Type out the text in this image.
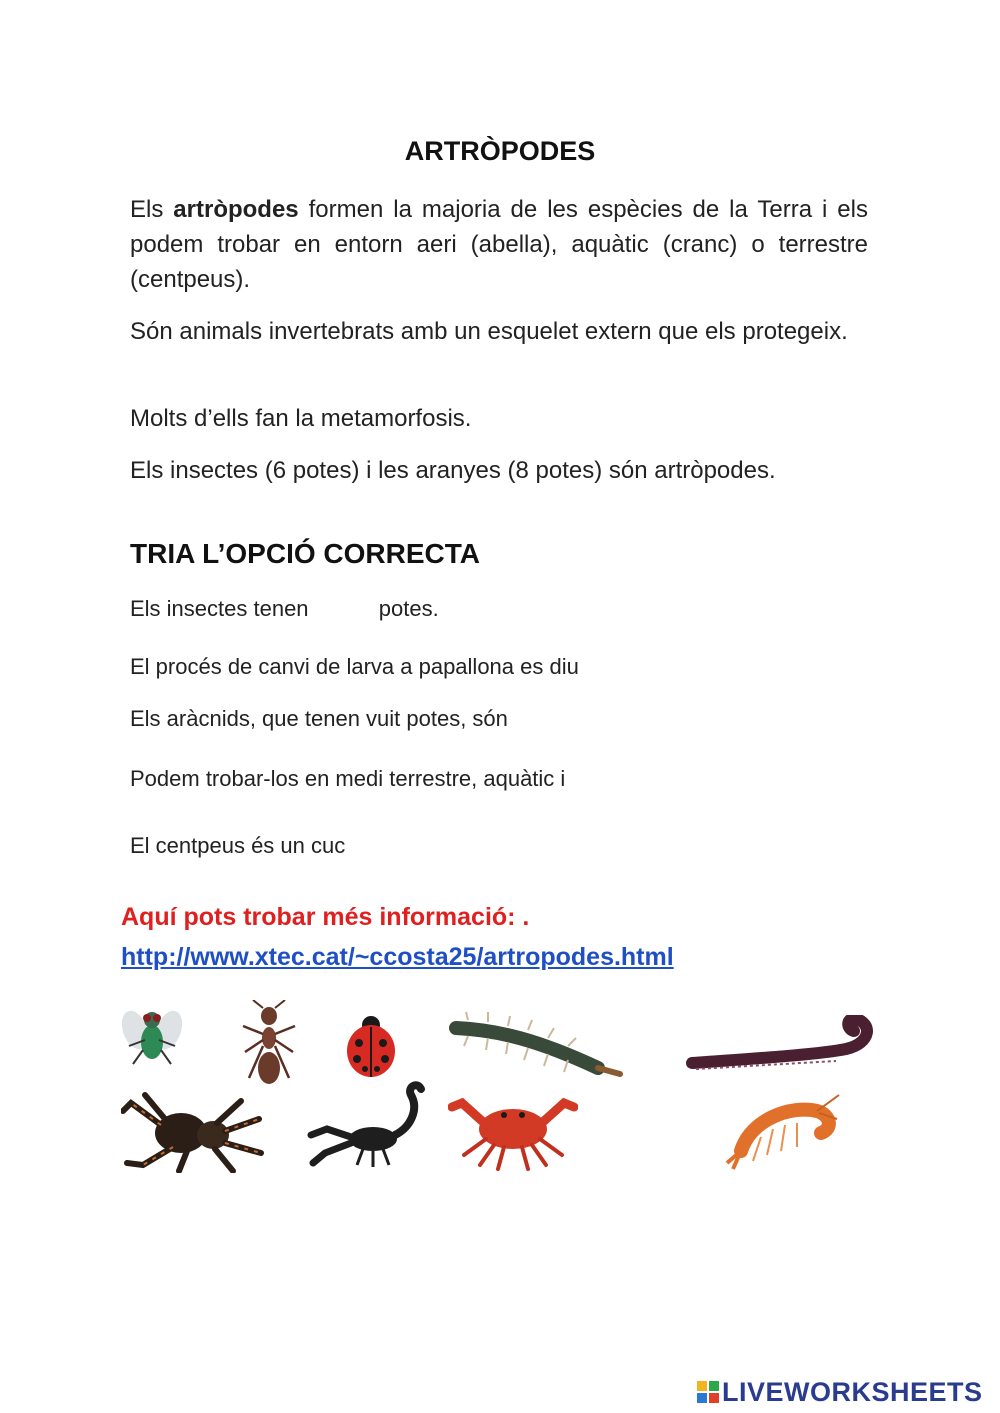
ARTRÒPODES

Els artròpodes formen la majoria de les espècies de la Terra i els podem trobar en entorn aeri (abella), aquàtic (cranc) o terrestre (centpeus).

Són animals invertebrats amb un esquelet extern que els protegeix.

Molts d’ells fan la metamorfosis.

Els insectes (6 potes) i les aranyes (8 potes) són artròpodes.

TRIA L’OPCIÓ CORRECTA
Els insectes tenen	potes.
El procés de canvi de larva a papallona es diu
Els aràcnids, que tenen vuit potes, són
Podem trobar-los en medi terrestre, aquàtic i
El centpeus és un cuc
Aquí pots trobar més informació: .
http://www.xtec.cat/~ccosta25/artropodes.html
LIVEWORKSHEETS
